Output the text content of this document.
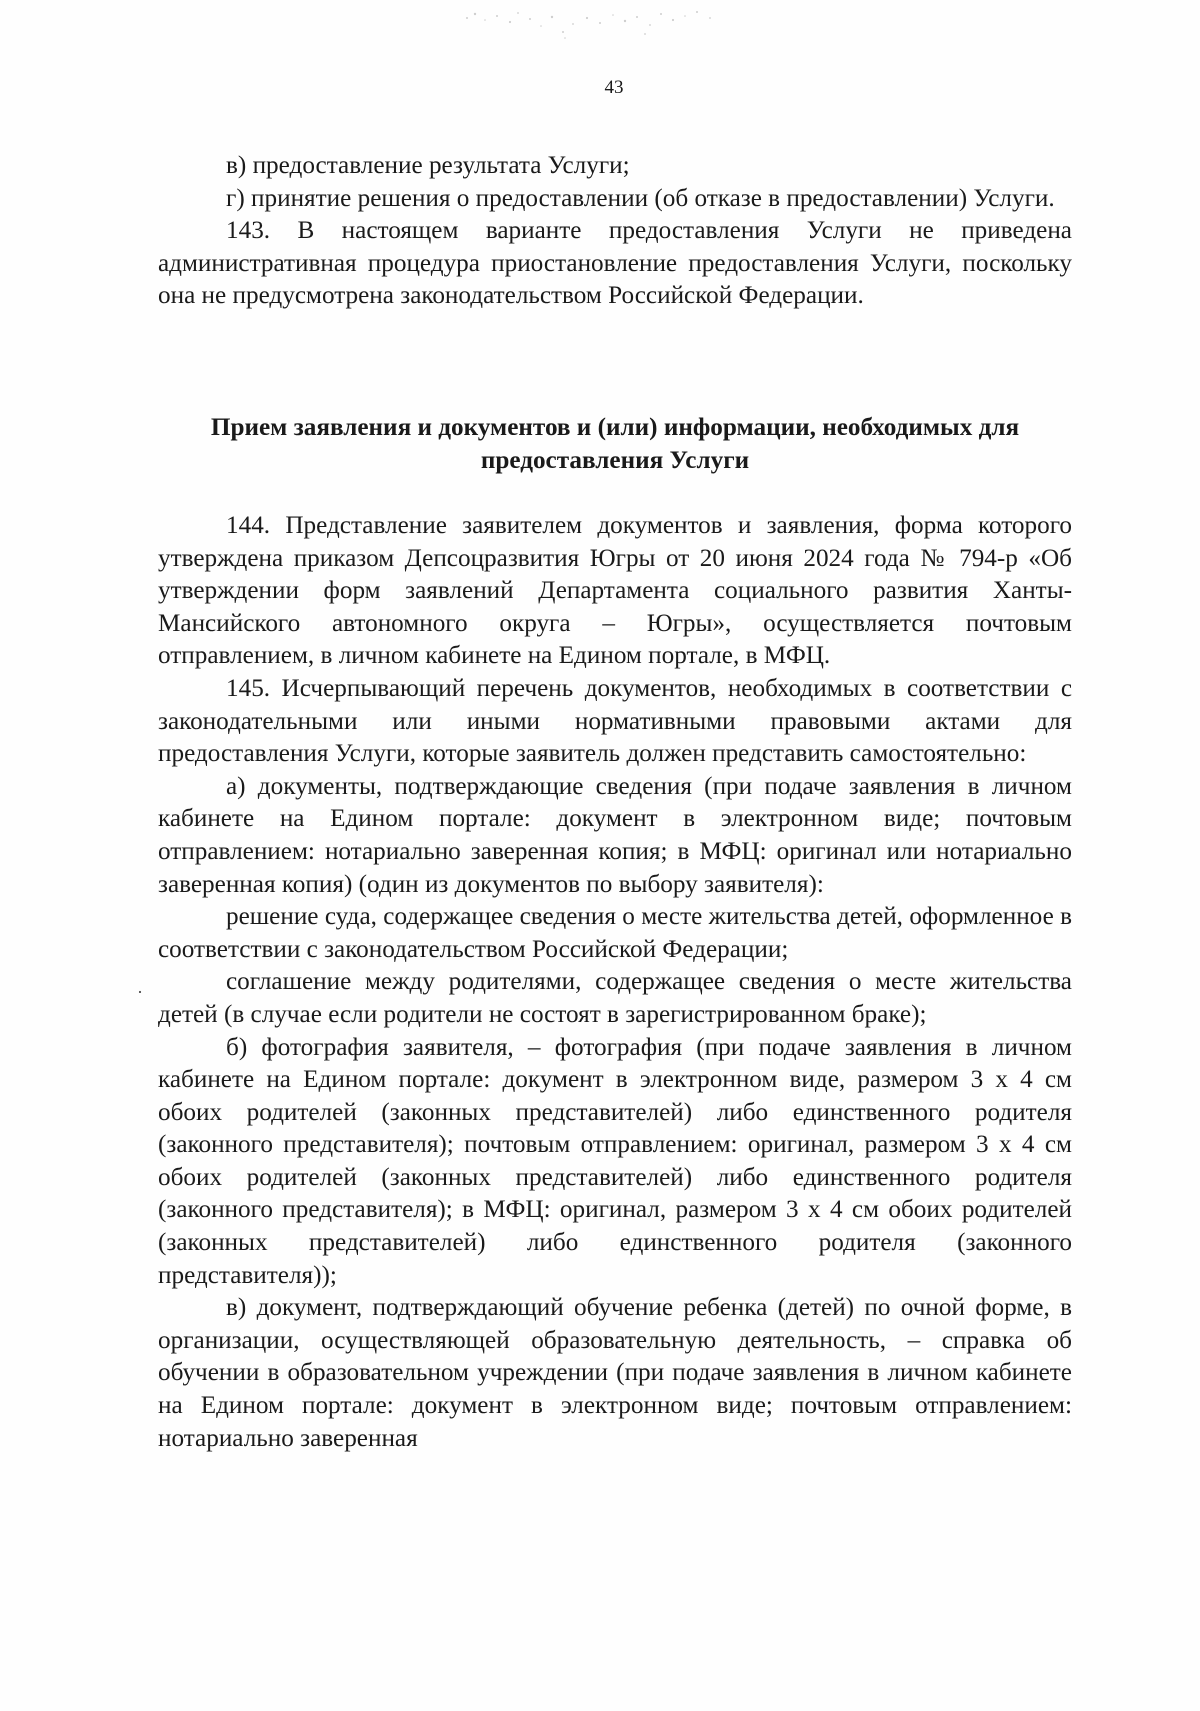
43

в) предоставление результата Услуги;

г) принятие решения о предоставлении (об отказе в предоставлении) Услуги.

143. В настоящем варианте предоставления Услуги не приведена административная процедура приостановление предоставления Услуги, поскольку она не предусмотрена законодательством Российской Федерации.

Прием заявления и документов и (или) информации, необходимых для предоставления Услуги

144. Представление заявителем документов и заявления, форма которого утверждена приказом Депсоцразвития Югры от 20 июня 2024 года № 794-р «Об утверждении форм заявлений Департамента социального развития Ханты-Мансийского автономного округа – Югры», осуществляется почтовым отправлением, в личном кабинете на Едином портале, в МФЦ.

145. Исчерпывающий перечень документов, необходимых в соответствии с законодательными или иными нормативными правовыми актами для предоставления Услуги, которые заявитель должен представить самостоятельно:

а) документы, подтверждающие сведения (при подаче заявления в личном кабинете на Едином портале: документ в электронном виде; почтовым отправлением: нотариально заверенная копия; в МФЦ: оригинал или нотариально заверенная копия) (один из документов по выбору заявителя):

решение суда, содержащее сведения о месте жительства детей, оформленное в соответствии с законодательством Российской Федерации;

соглашение между родителями, содержащее сведения о месте жительства детей (в случае если родители не состоят в зарегистрированном браке);

б) фотография заявителя, – фотография (при подаче заявления в личном кабинете на Едином портале: документ в электронном виде, размером 3 х 4 см обоих родителей (законных представителей) либо единственного родителя (законного представителя); почтовым отправлением: оригинал, размером 3 х 4 см обоих родителей (законных представителей) либо единственного родителя (законного представителя); в МФЦ: оригинал, размером 3 х 4 см обоих родителей (законных представителей) либо единственного родителя (законного представителя));

в) документ, подтверждающий обучение ребенка (детей) по очной форме, в организации, осуществляющей образовательную деятельность, – справка об обучении в образовательном учреждении (при подаче заявления в личном кабинете на Едином портале: документ в электронном виде; почтовым отправлением: нотариально заверенная

·
